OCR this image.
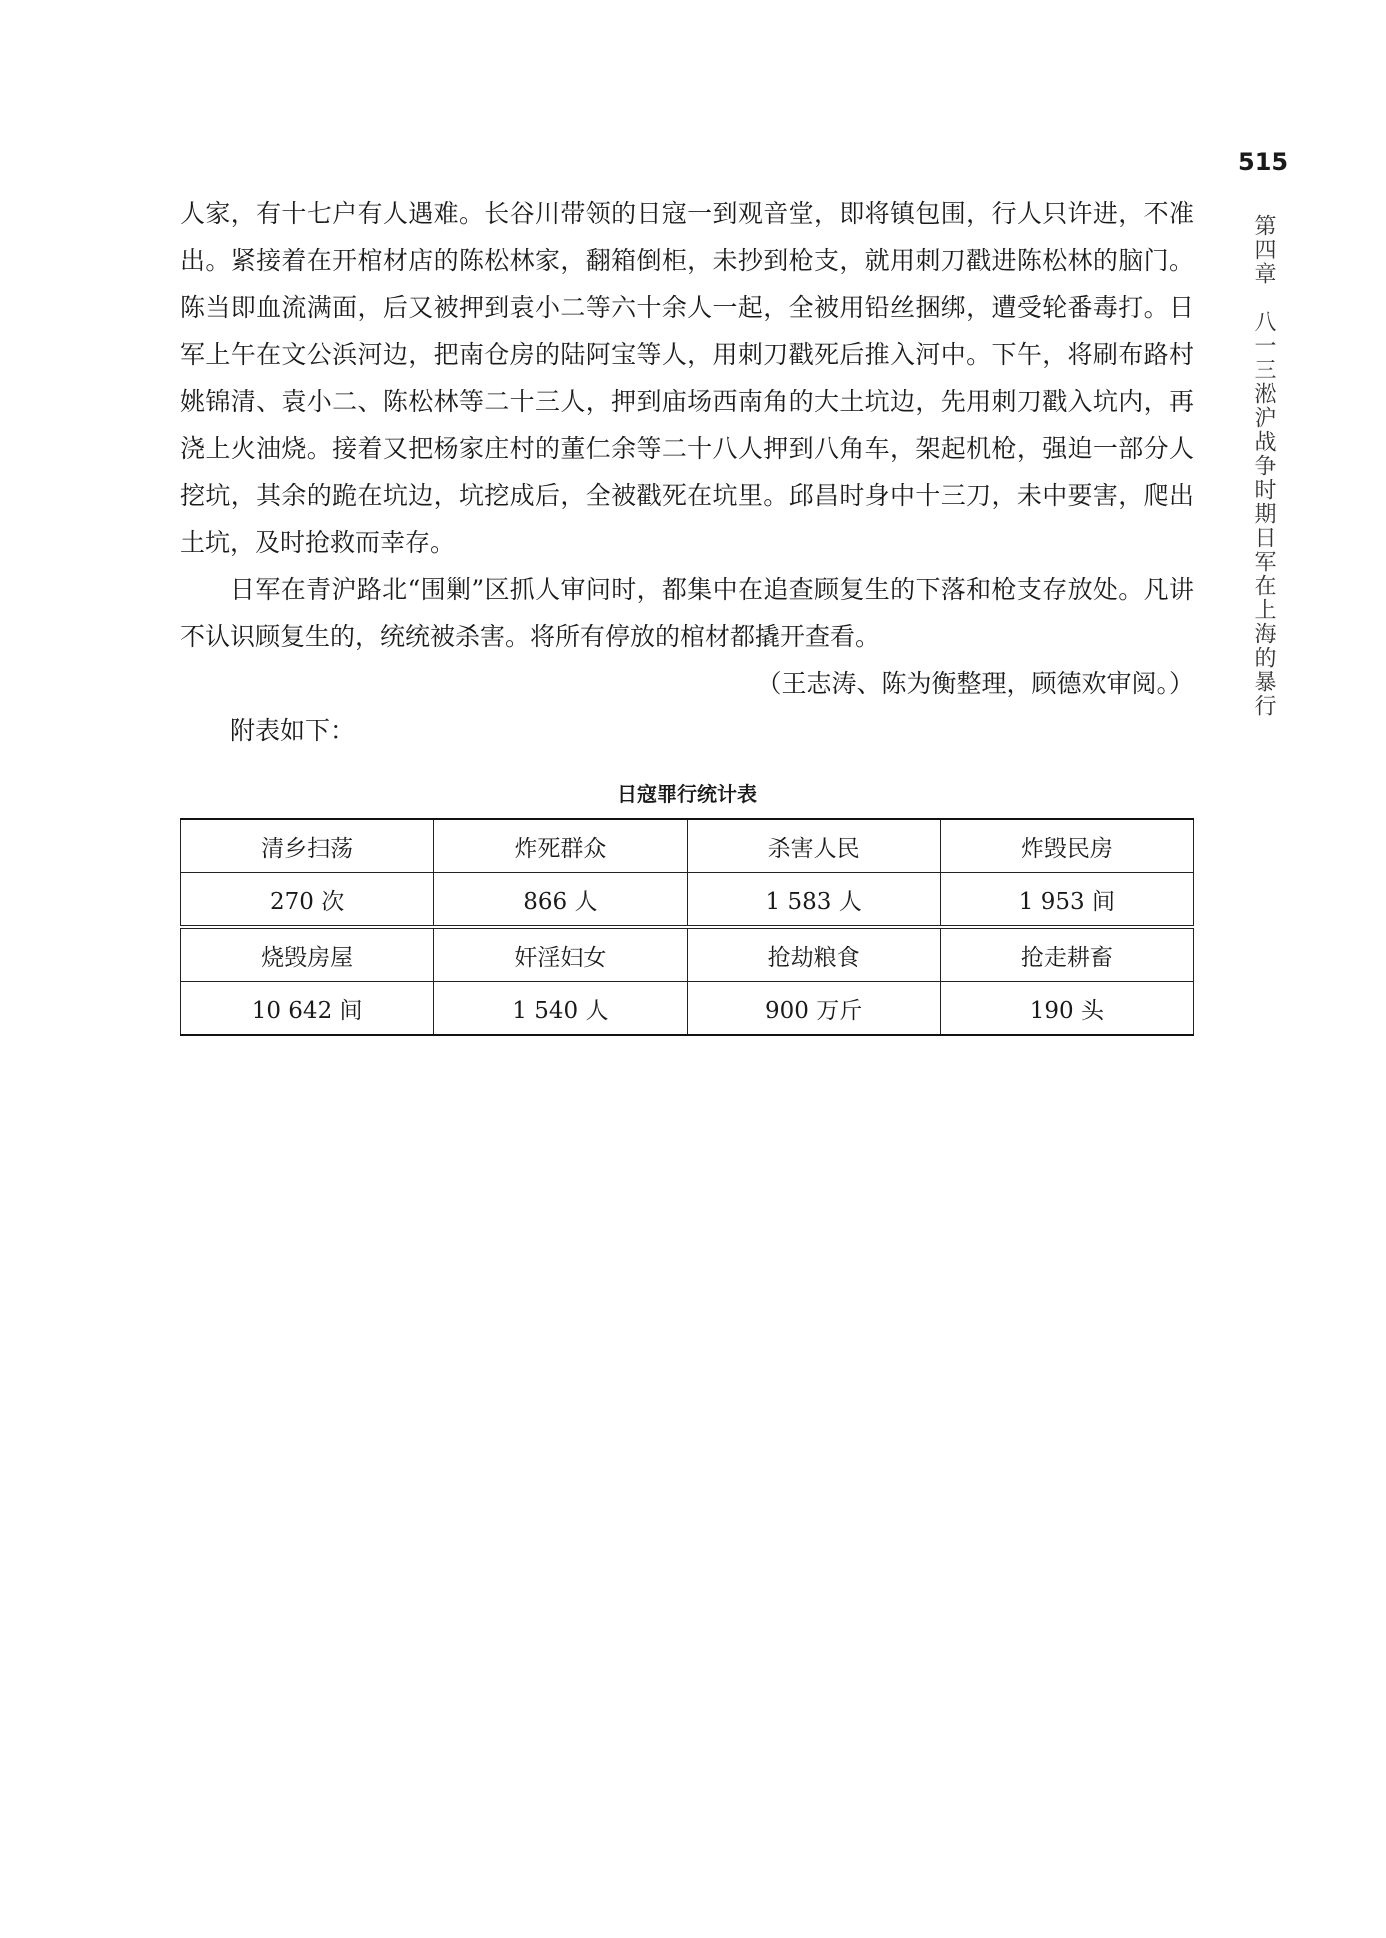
515
第四章　八一三淞沪战争时期日军在上海的暴行

人家，有十七户有人遇难。长谷川带领的日寇一到观音堂，即将镇包围，行人只许进，不准出。紧接着在开棺材店的陈松林家，翻箱倒柜，未抄到枪支，就用刺刀戳进陈松林的脑门。陈当即血流满面，后又被押到袁小二等六十余人一起，全被用铅丝捆绑，遭受轮番毒打。日军上午在文公浜河边，把南仓房的陆阿宝等人，用刺刀戳死后推入河中。下午，将刷布路村姚锦清、袁小二、陈松林等二十三人，押到庙场西南角的大土坑边，先用刺刀戳入坑内，再浇上火油烧。接着又把杨家庄村的董仁余等二十八人押到八角车，架起机枪，强迫一部分人挖坑，其余的跪在坑边，坑挖成后，全被戳死在坑里。邱昌时身中十三刀，未中要害，爬出土坑，及时抢救而幸存。

日军在青沪路北“围剿”区抓人审问时，都集中在追查顾复生的下落和枪支存放处。凡讲不认识顾复生的，统统被杀害。将所有停放的棺材都撬开查看。

（王志涛、陈为衡整理，顾德欢审阅。）

附表如下：

日寇罪行统计表
清乡扫荡	炸死群众	杀害人民	炸毁民房
270 次	866 人	1 583 人	1 953 间
烧毁房屋	奸淫妇女	抢劫粮食	抢走耕畜
10 642 间	1 540 人	900 万斤	190 头
